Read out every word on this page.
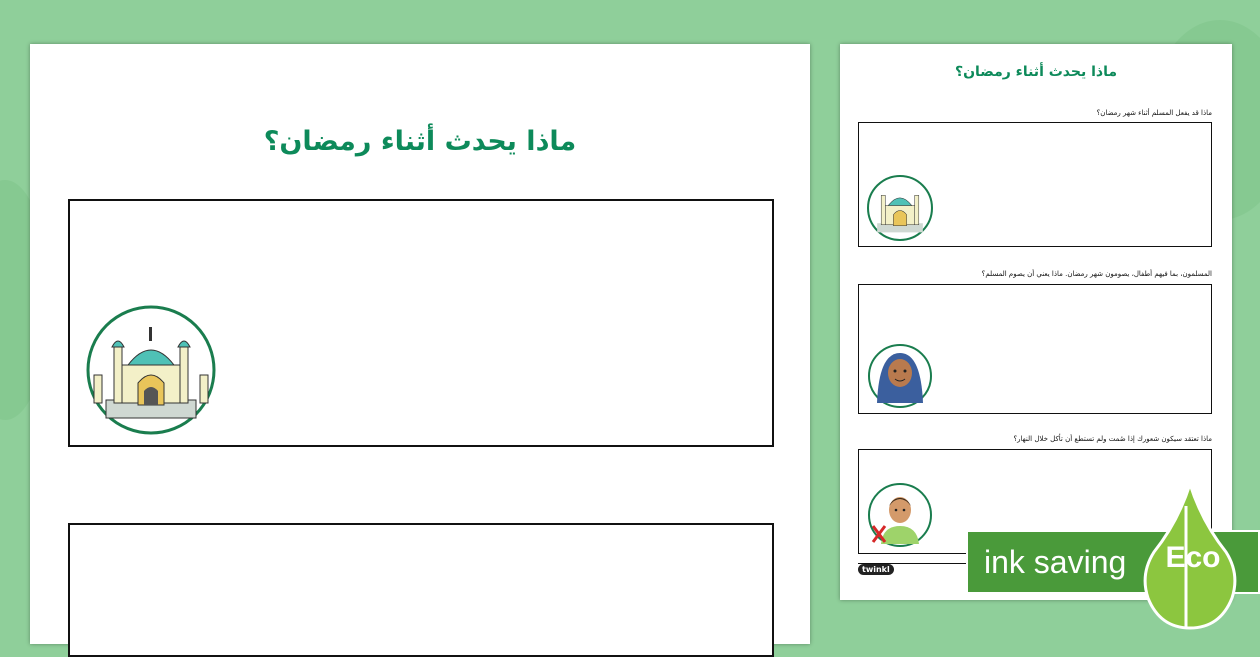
ماذا يحدث أثناء رمضان؟
ماذا يحدث أثناء رمضان؟
ماذا قد يفعل المسلم أثناء شهر رمضان؟
المسلمون، بما فيهم أطفال، يصومون شهر رمضان. ماذا يعني أن يصوم المسلم؟
ماذا تعتقد سيكون شعورك إذا صُمت ولم تستطع أن تأكل خلال النهار؟
twinkl	ink saving Eco
